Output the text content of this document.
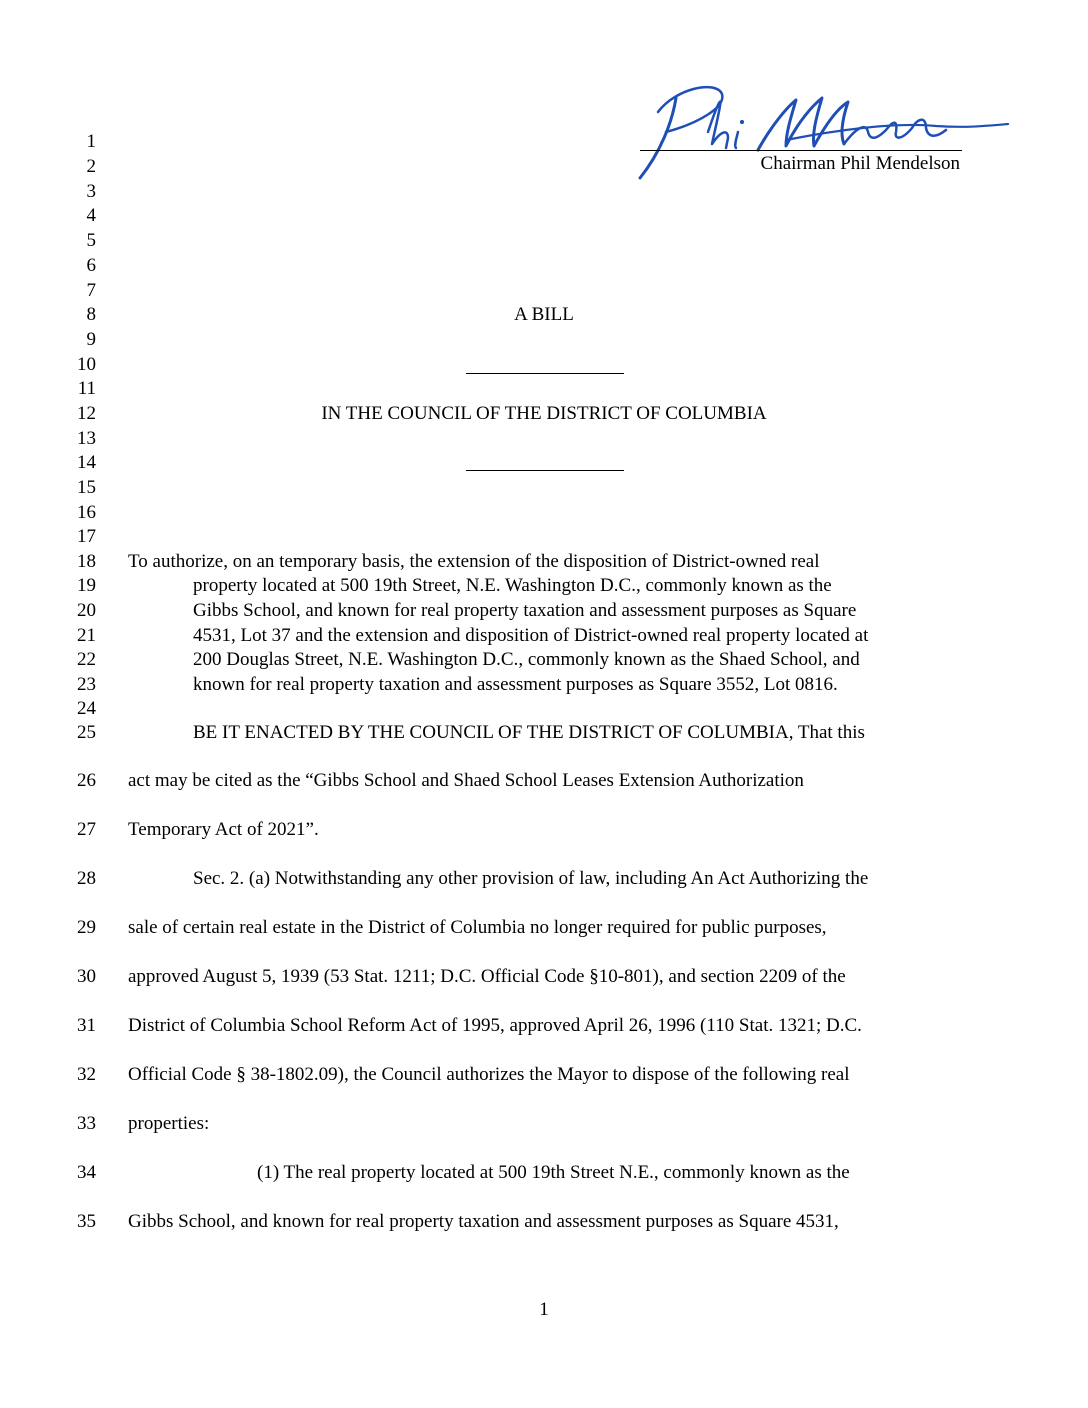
Chairman Phil Mendelson
1
2
3
4
5
6
7
8
9
10
11
12
13
14
15
16
17
18
19
20
21
22
23
24
25
26
27
28
29
30
31
32
33
34
35
A BILL
IN THE COUNCIL OF THE DISTRICT OF COLUMBIA
To authorize, on an temporary basis, the extension of the disposition of District-owned real
property located at 500 19th Street, N.E. Washington D.C., commonly known as the
Gibbs School, and known for real property taxation and assessment purposes as Square
4531, Lot 37 and the extension and disposition of District-owned real property located at
200 Douglas Street, N.E. Washington D.C., commonly known as the Shaed School, and
known for real property taxation and assessment purposes as Square 3552, Lot 0816.
BE IT ENACTED BY THE COUNCIL OF THE DISTRICT OF COLUMBIA, That this
act may be cited as the “Gibbs School and Shaed School Leases Extension Authorization
Temporary Act of 2021”.
Sec. 2. (a) Notwithstanding any other provision of law, including An Act Authorizing the
sale of certain real estate in the District of Columbia no longer required for public purposes,
approved August 5, 1939 (53 Stat. 1211; D.C. Official Code §10-801), and section 2209 of the
District of Columbia School Reform Act of 1995, approved April 26, 1996 (110 Stat. 1321; D.C.
Official Code § 38-1802.09), the Council authorizes the Mayor to dispose of the following real
properties:
(1) The real property located at 500 19th Street N.E., commonly known as the
Gibbs School, and known for real property taxation and assessment purposes as Square 4531,
1
